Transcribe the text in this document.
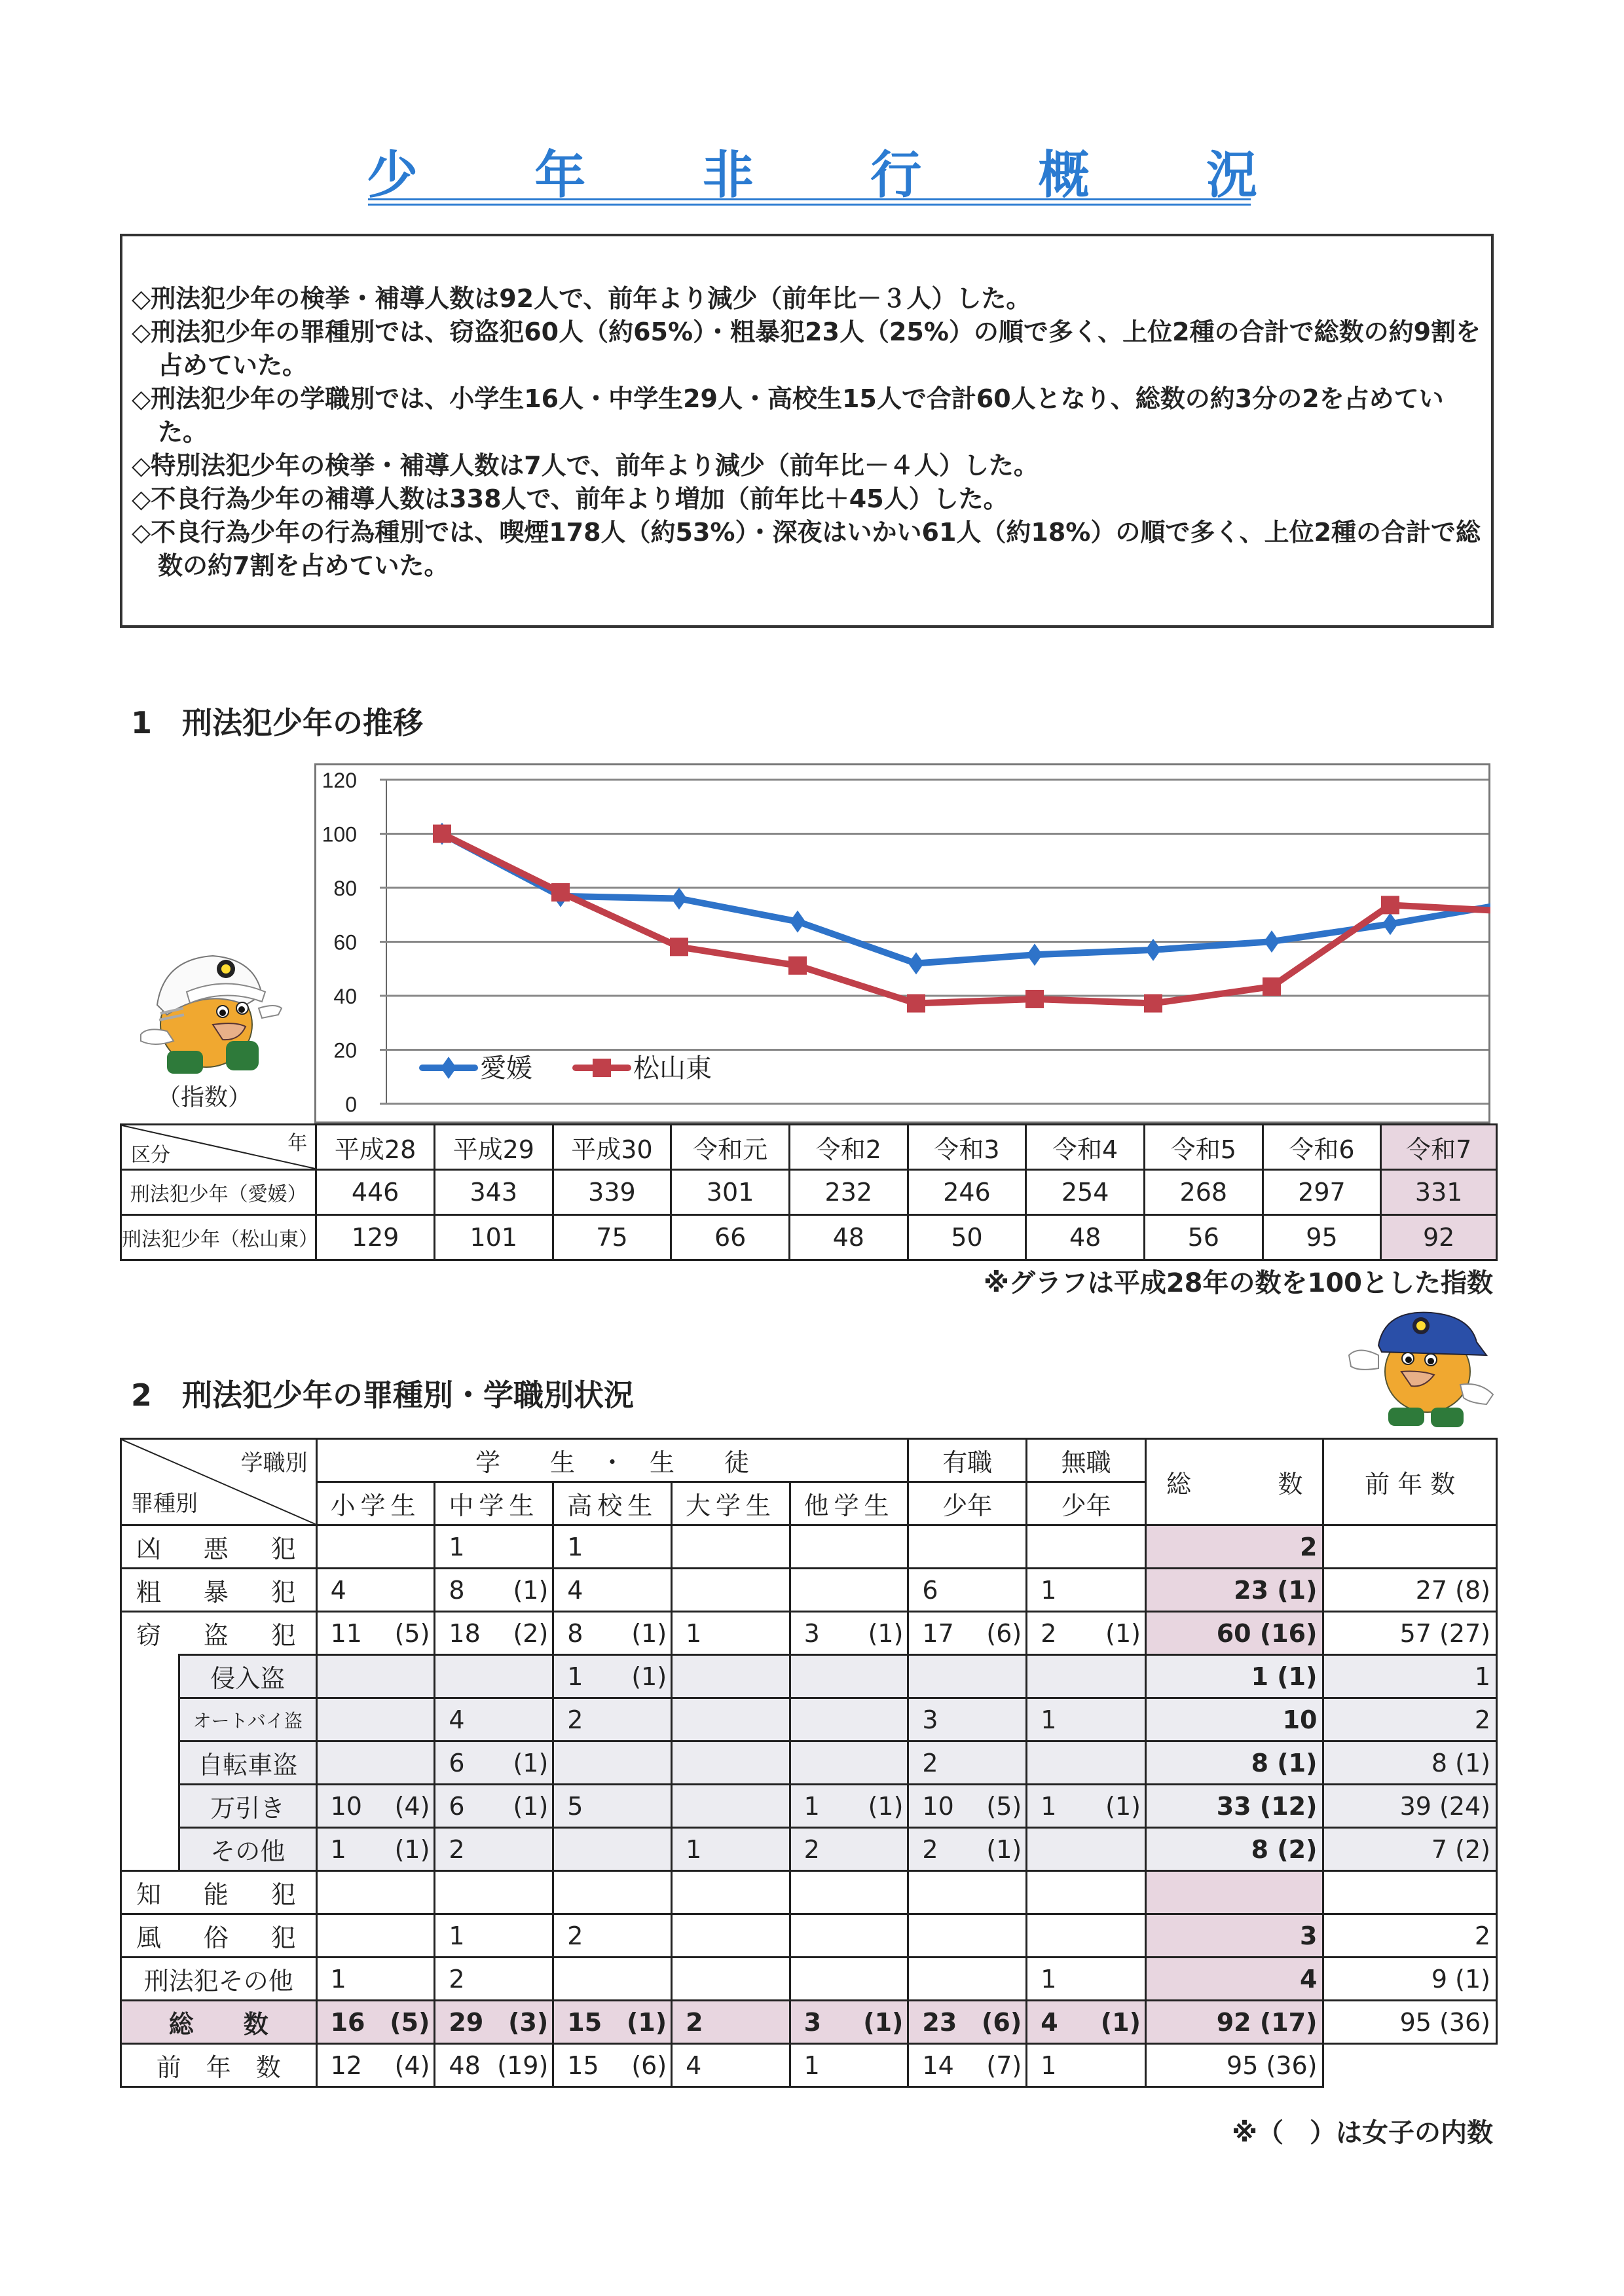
少 年 非 行 概 況
◇刑法犯少年の検挙・補導人数は92人で、前年より減少（前年比－３人）した。
◇刑法犯少年の罪種別では、窃盗犯60人（約65%）・粗暴犯23人（25%）の順で多く、上位2種の合計で総数の約9割を占めていた。
◇刑法犯少年の学職別では、小学生16人・中学生29人・高校生15人で合計60人となり、総数の約3分の2を占めていた。
◇特別法犯少年の検挙・補導人数は7人で、前年より減少（前年比－４人）した。
◇不良行為少年の補導人数は338人で、前年より増加（前年比＋45人）した。
◇不良行為少年の行為種別では、喫煙178人（約53%）・深夜はいかい61人（約18%）の順で多く、上位2種の合計で総数の約7割を占めていた。
1　刑法犯少年の推移
（指数）	0
20
40
60
80
100
120
愛媛	松山東
年
区分	平成28	平成29	平成30	令和元	令和2	令和3	令和4	令和5	令和6	令和7
刑法犯少年（愛媛）	446	343	339	301	232	246	254	268	297	331
刑法犯少年（松山東）	129	101	75	66	48	50	48	56	95	92
※グラフは平成28年の数を100とした指数
2　刑法犯少年の罪種別・学職別状況
学職別
罪種別		学　　生　・　生　　徒					有職	無職	総 数	前 年 数
		小学生	中学生	高校生	大学生	他学生	少年	少年		

凶 悪 犯			1	1					2	

粗 暴 犯		4	8 (1)	4			6	1	23 (1)	27 (8)

窃 盗 犯		11 (5)	18 (2)	8 (1)	1	3 (1)	17 (6)	2 (1)	60 (16)	57 (27)

	侵入盗			1 (1)					1 (1)	1

	オートバイ盗		4	2			3	1	10	2

	自転車盗		6 (1)				2		8 (1)	8 (1)

	万引き	10 (4)	6 (1)	5		1 (1)	10 (5)	1 (1)	33 (12)	39 (24)

	その他	1 (1)	2		1	2	2 (1)		8 (2)	7 (2)

知 能 犯										

風 俗 犯			1	2					3	2

刑法犯その他		1	2					1	4	9 (1)

総　　数		16 (5)	29 (3)	15 (1)	2	3 (1)	23 (6)	4 (1)	92 (17)	95 (36)

前　年　数		12 (4)	48 (19)	15 (6)	4	1	14 (7)	1	95 (36)	

※（　）は女子の内数
